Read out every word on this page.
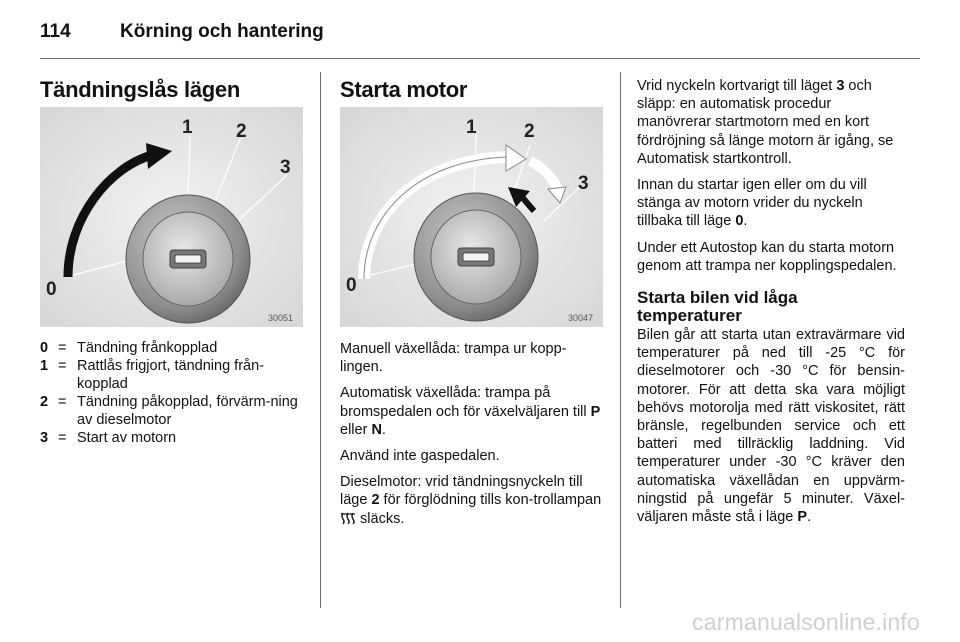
114	Körning och hantering
Tändningslås lägen
0
1 2
3
30051
0 = Tändning frånkopplad
1 = Rattlås frigjort, tändning från-kopplad
2 = Tändning påkopplad, förvärm-ning av dieselmotor
3 = Start av motorn
Starta motor
0
1 2
3
30047

Manuell växellåda: trampa ur kopp-lingen.

Automatisk växellåda: trampa på bromspedalen och för växelväljaren till P eller N.

Använd inte gaspedalen.

Dieselmotor: vrid tändningsnyckeln till läge 2 för förglödning tills kon-trollampan  släcks.

Vrid nyckeln kortvarigt till läget 3 och släpp: en automatisk procedur manövrerar startmotorn med en kort fördröjning så länge motorn är igång, se Automatisk startkontroll.

Innan du startar igen eller om du vill stänga av motorn vrider du nyckeln tillbaka till läge 0.

Under ett Autostop kan du starta motorn genom att trampa ner kopplingspedalen.

Starta bilen vid låga temperaturer

Bilen går att starta utan extravärmare vid temperaturer på ned till -25 °C för dieselmotorer och -30 °C för bensin-motorer. För att detta ska vara möjligt behövs motorolja med rätt viskositet, rätt bränsle, regelbunden service och ett batteri med tillräcklig laddning. Vid temperaturer under -30 °C kräver den automatiska växellådan en uppvärm-ningstid på ungefär 5 minuter. Växel-väljaren måste stå i läge P.

carmanualsonline.info
